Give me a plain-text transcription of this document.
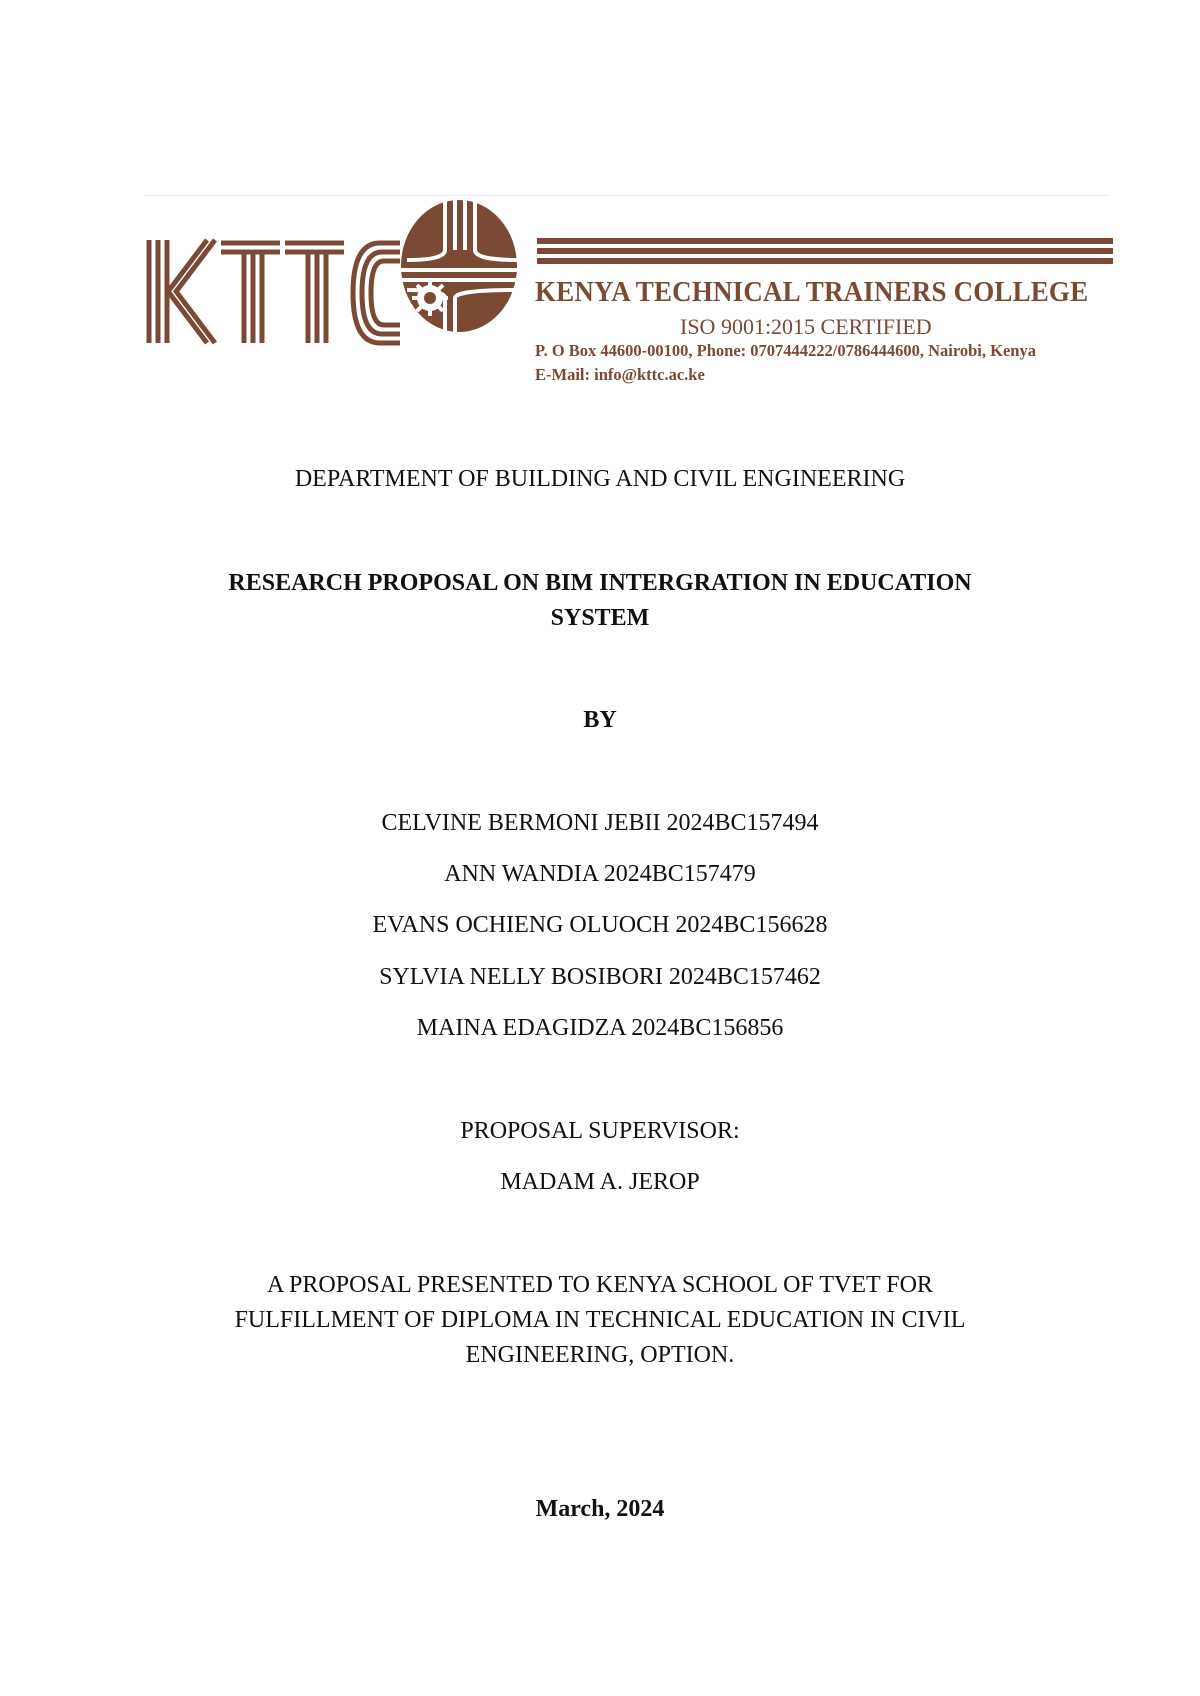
KENYA TECHNICAL TRAINERS COLLEGE
ISO 9001:2015 CERTIFIED
P. O Box 44600-00100, Phone: 0707444222/0786444600, Nairobi, Kenya
E-Mail: info@kttc.ac.ke
DEPARTMENT OF BUILDING AND CIVIL ENGINEERING
RESEARCH PROPOSAL ON BIM INTERGRATION IN EDUCATION
SYSTEM
BY
CELVINE BERMONI JEBII 2024BC157494
ANN WANDIA 2024BC157479
EVANS OCHIENG OLUOCH 2024BC156628
SYLVIA NELLY BOSIBORI 2024BC157462
MAINA EDAGIDZA 2024BC156856
PROPOSAL SUPERVISOR:
MADAM A. JEROP
A PROPOSAL PRESENTED TO KENYA SCHOOL OF TVET FOR
FULFILLMENT OF DIPLOMA IN TECHNICAL EDUCATION IN CIVIL
ENGINEERING, OPTION.
March, 2024
